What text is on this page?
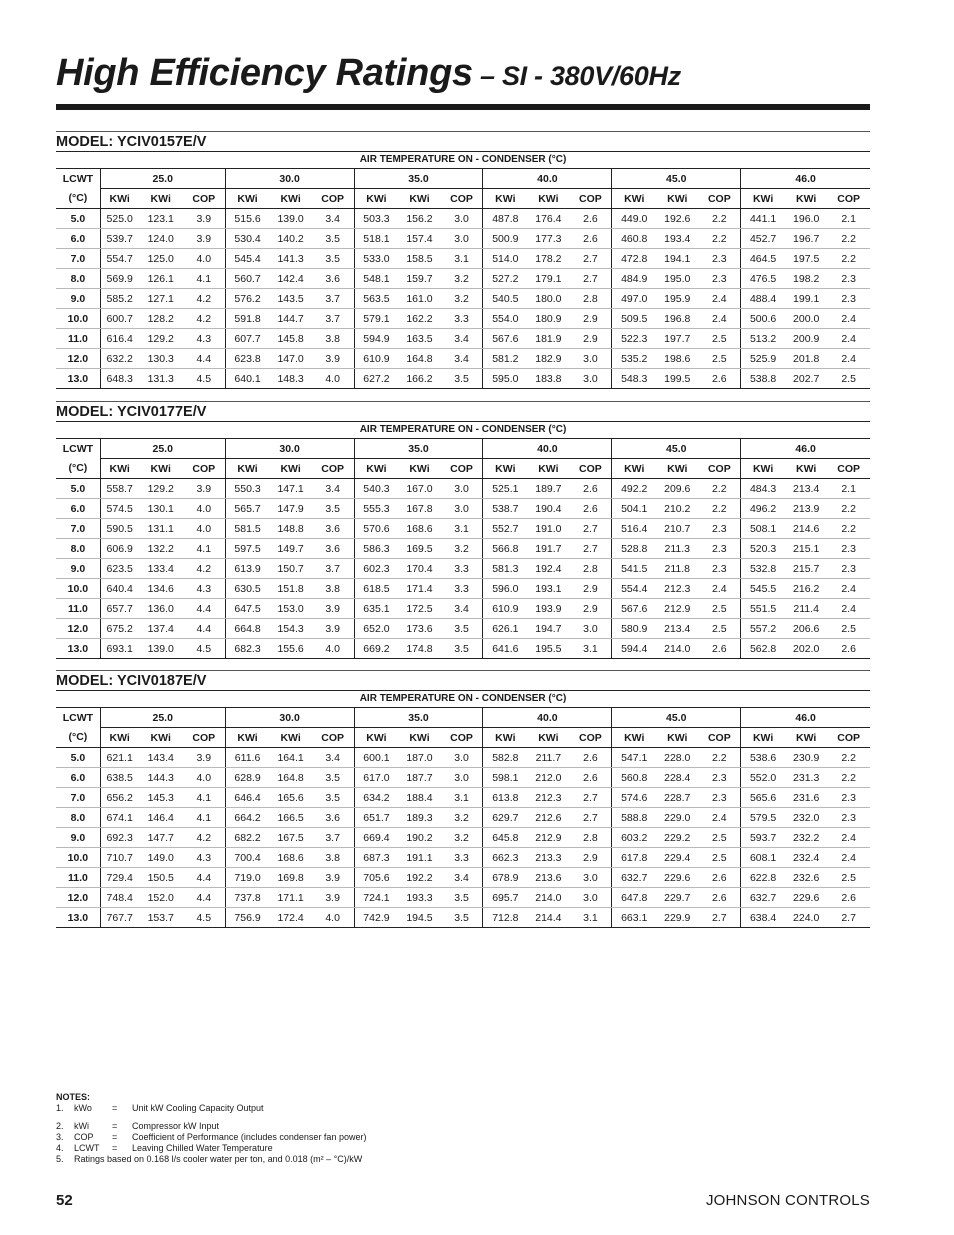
High Efficiency Ratings – SI - 380V/60Hz
MODEL: YCIV0157E/V
AIR TEMPERATURE ON - CONDENSER (°C)																		
LCWT	25.0			30.0			35.0			40.0			45.0			46.0		
(°C)	KWi	KWi	COP	KWi	KWi	COP	KWi	KWi	COP	KWi	KWi	COP	KWi	KWi	COP	KWi	KWi	COP
5.0	525.0	123.1	3.9	515.6	139.0	3.4	503.3	156.2	3.0	487.8	176.4	2.6	449.0	192.6	2.2	441.1	196.0	2.1
6.0	539.7	124.0	3.9	530.4	140.2	3.5	518.1	157.4	3.0	500.9	177.3	2.6	460.8	193.4	2.2	452.7	196.7	2.2
7.0	554.7	125.0	4.0	545.4	141.3	3.5	533.0	158.5	3.1	514.0	178.2	2.7	472.8	194.1	2.3	464.5	197.5	2.2
8.0	569.9	126.1	4.1	560.7	142.4	3.6	548.1	159.7	3.2	527.2	179.1	2.7	484.9	195.0	2.3	476.5	198.2	2.3
9.0	585.2	127.1	4.2	576.2	143.5	3.7	563.5	161.0	3.2	540.5	180.0	2.8	497.0	195.9	2.4	488.4	199.1	2.3
10.0	600.7	128.2	4.2	591.8	144.7	3.7	579.1	162.2	3.3	554.0	180.9	2.9	509.5	196.8	2.4	500.6	200.0	2.4
11.0	616.4	129.2	4.3	607.7	145.8	3.8	594.9	163.5	3.4	567.6	181.9	2.9	522.3	197.7	2.5	513.2	200.9	2.4
12.0	632.2	130.3	4.4	623.8	147.0	3.9	610.9	164.8	3.4	581.2	182.9	3.0	535.2	198.6	2.5	525.9	201.8	2.4
13.0	648.3	131.3	4.5	640.1	148.3	4.0	627.2	166.2	3.5	595.0	183.8	3.0	548.3	199.5	2.6	538.8	202.7	2.5
MODEL: YCIV0177E/V
AIR TEMPERATURE ON - CONDENSER (°C)																		
LCWT	25.0			30.0			35.0			40.0			45.0			46.0		
(°C)	KWi	KWi	COP	KWi	KWi	COP	KWi	KWi	COP	KWi	KWi	COP	KWi	KWi	COP	KWi	KWi	COP
5.0	558.7	129.2	3.9	550.3	147.1	3.4	540.3	167.0	3.0	525.1	189.7	2.6	492.2	209.6	2.2	484.3	213.4	2.1
6.0	574.5	130.1	4.0	565.7	147.9	3.5	555.3	167.8	3.0	538.7	190.4	2.6	504.1	210.2	2.2	496.2	213.9	2.2
7.0	590.5	131.1	4.0	581.5	148.8	3.6	570.6	168.6	3.1	552.7	191.0	2.7	516.4	210.7	2.3	508.1	214.6	2.2
8.0	606.9	132.2	4.1	597.5	149.7	3.6	586.3	169.5	3.2	566.8	191.7	2.7	528.8	211.3	2.3	520.3	215.1	2.3
9.0	623.5	133.4	4.2	613.9	150.7	3.7	602.3	170.4	3.3	581.3	192.4	2.8	541.5	211.8	2.3	532.8	215.7	2.3
10.0	640.4	134.6	4.3	630.5	151.8	3.8	618.5	171.4	3.3	596.0	193.1	2.9	554.4	212.3	2.4	545.5	216.2	2.4
11.0	657.7	136.0	4.4	647.5	153.0	3.9	635.1	172.5	3.4	610.9	193.9	2.9	567.6	212.9	2.5	551.5	211.4	2.4
12.0	675.2	137.4	4.4	664.8	154.3	3.9	652.0	173.6	3.5	626.1	194.7	3.0	580.9	213.4	2.5	557.2	206.6	2.5
13.0	693.1	139.0	4.5	682.3	155.6	4.0	669.2	174.8	3.5	641.6	195.5	3.1	594.4	214.0	2.6	562.8	202.0	2.6
MODEL: YCIV0187E/V
AIR TEMPERATURE ON - CONDENSER (°C)																		
LCWT	25.0			30.0			35.0			40.0			45.0			46.0		
(°C)	KWi	KWi	COP	KWi	KWi	COP	KWi	KWi	COP	KWi	KWi	COP	KWi	KWi	COP	KWi	KWi	COP
5.0	621.1	143.4	3.9	611.6	164.1	3.4	600.1	187.0	3.0	582.8	211.7	2.6	547.1	228.0	2.2	538.6	230.9	2.2
6.0	638.5	144.3	4.0	628.9	164.8	3.5	617.0	187.7	3.0	598.1	212.0	2.6	560.8	228.4	2.3	552.0	231.3	2.2
7.0	656.2	145.3	4.1	646.4	165.6	3.5	634.2	188.4	3.1	613.8	212.3	2.7	574.6	228.7	2.3	565.6	231.6	2.3
8.0	674.1	146.4	4.1	664.2	166.5	3.6	651.7	189.3	3.2	629.7	212.6	2.7	588.8	229.0	2.4	579.5	232.0	2.3
9.0	692.3	147.7	4.2	682.2	167.5	3.7	669.4	190.2	3.2	645.8	212.9	2.8	603.2	229.2	2.5	593.7	232.2	2.4
10.0	710.7	149.0	4.3	700.4	168.6	3.8	687.3	191.1	3.3	662.3	213.3	2.9	617.8	229.4	2.5	608.1	232.4	2.4
11.0	729.4	150.5	4.4	719.0	169.8	3.9	705.6	192.2	3.4	678.9	213.6	3.0	632.7	229.6	2.6	622.8	232.6	2.5
12.0	748.4	152.0	4.4	737.8	171.1	3.9	724.1	193.3	3.5	695.7	214.0	3.0	647.8	229.7	2.6	632.7	229.6	2.6
13.0	767.7	153.7	4.5	756.9	172.4	4.0	742.9	194.5	3.5	712.8	214.4	3.1	663.1	229.9	2.7	638.4	224.0	2.7
NOTES:
1.	kWo	=	Unit kW Cooling Capacity Output
2.	kWi	=	Compressor kW Input
3.	COP	=	Coefficient of Performance (includes condenser fan power)
4.	LCWT	=	Leaving Chilled Water Temperature
5.	Ratings based on 0.168 l/s cooler water per ton, and 0.018 (m² – °C)/kW
52	JOHNSON CONTROLS
